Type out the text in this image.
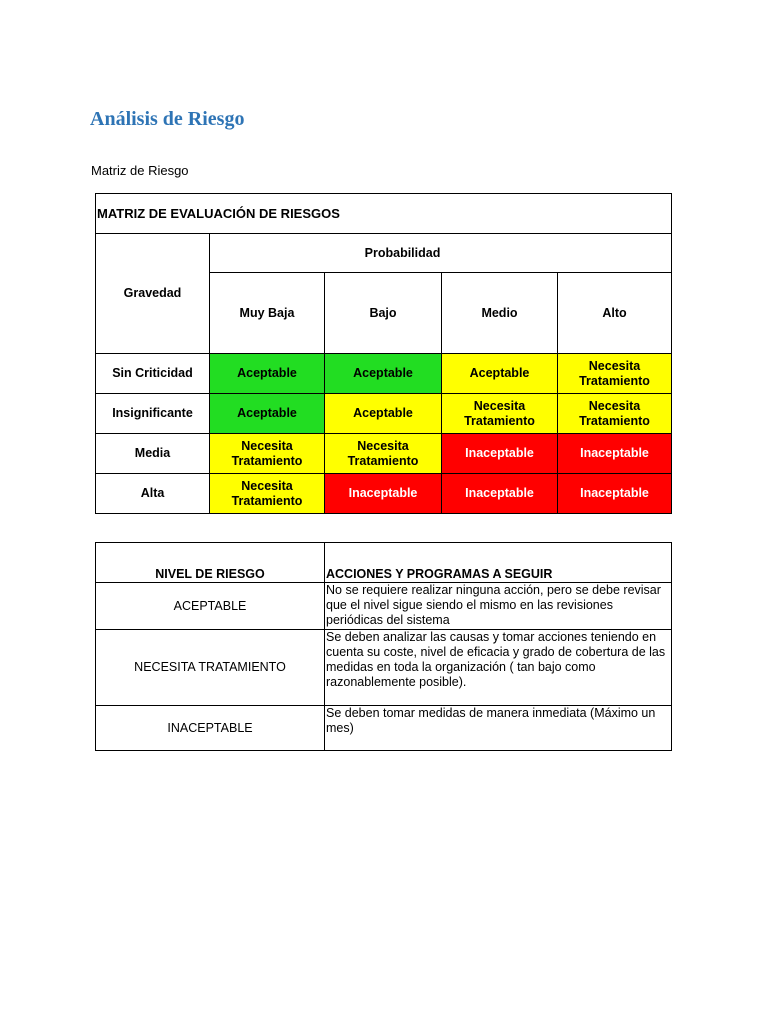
Análisis de Riesgo
Matriz de Riesgo
MATRIZ DE EVALUACIÓN DE RIESGOS				
Gravedad	Probabilidad			
	Muy Baja	Bajo	Medio	Alto
Sin Criticidad	Aceptable	Aceptable	Aceptable	Necesita Tratamiento
Insignificante	Aceptable	Aceptable	Necesita Tratamiento	Necesita Tratamiento
Media	Necesita Tratamiento	Necesita Tratamiento	Inaceptable	Inaceptable
Alta	Necesita Tratamiento	Inaceptable	Inaceptable	Inaceptable
NIVEL DE RIESGO	ACCIONES Y PROGRAMAS A SEGUIR
ACEPTABLE	No se requiere realizar ninguna acción, pero se debe revisar que el nivel sigue siendo el mismo en las revisiones periódicas del sistema
NECESITA TRATAMIENTO	Se deben analizar las causas y tomar acciones teniendo en cuenta su coste, nivel de eficacia y grado de cobertura de las medidas en toda la organización ( tan bajo como razonablemente posible).
INACEPTABLE	Se deben tomar medidas de manera inmediata (Máximo un mes)
